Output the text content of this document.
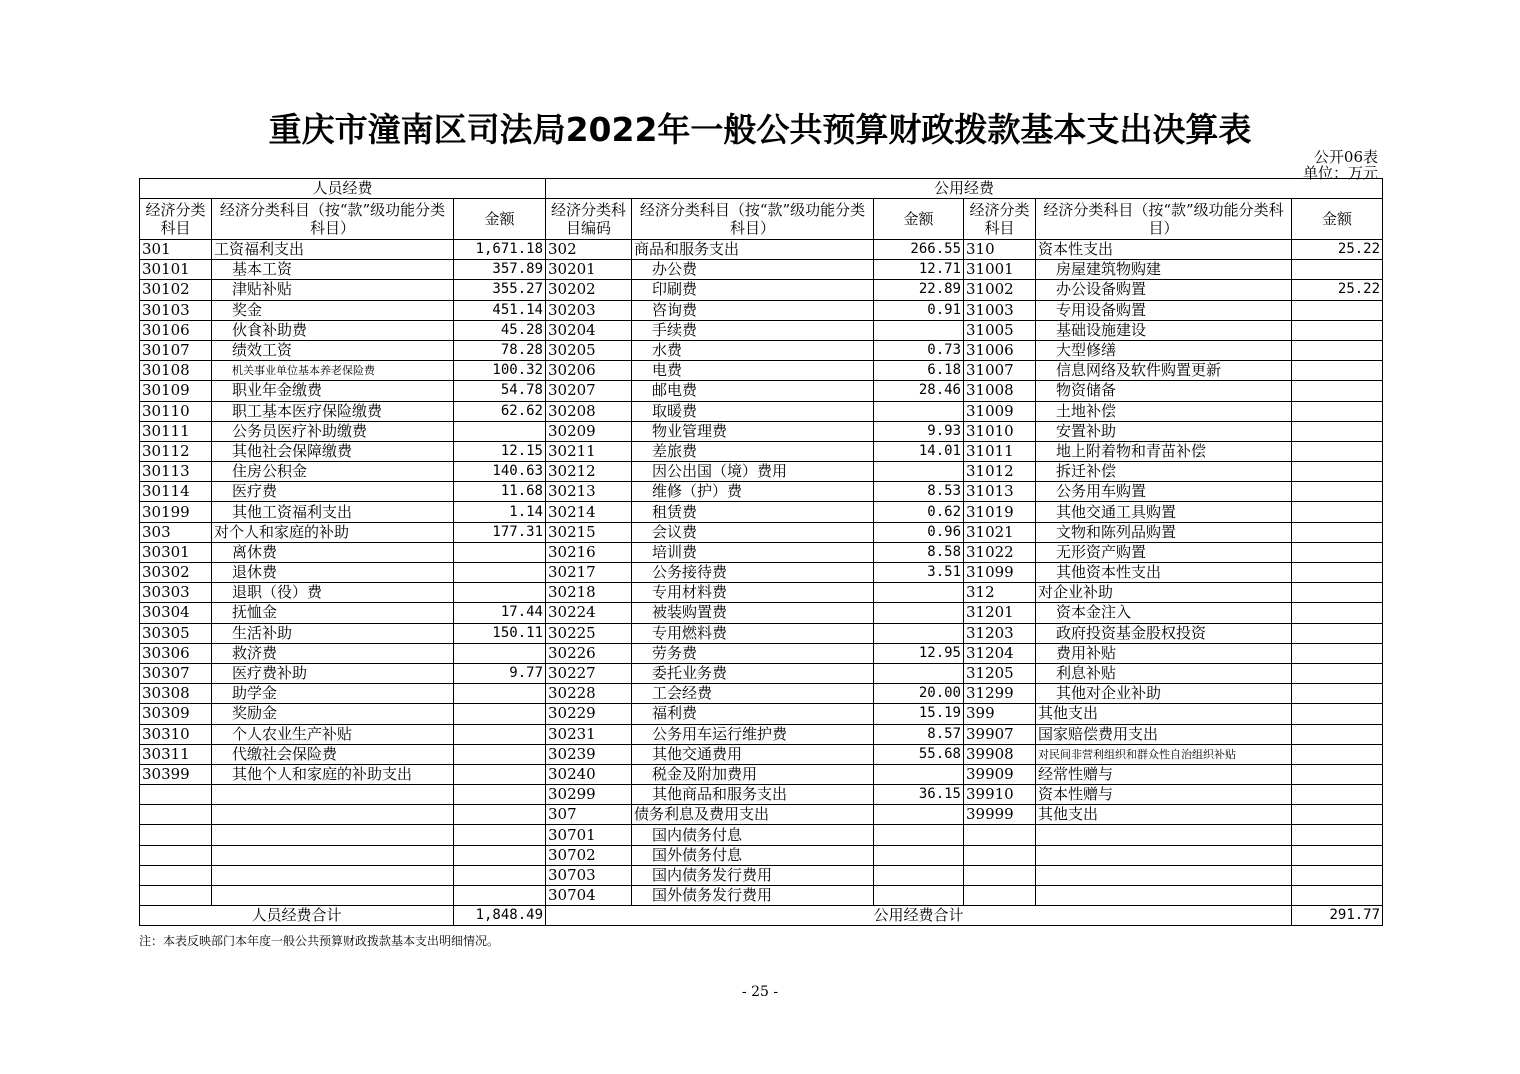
重庆市潼南区司法局2022年一般公共预算财政拨款基本支出决算表
公开06表
单位：万元
人员经费			公用经费					
经济分类科目	经济分类科目（按“款”级功能分类科目）	金额	经济分类科目编码	经济分类科目（按“款”级功能分类科目）	金额	经济分类科目	经济分类科目（按“款”级功能分类科目）	金额
301	工资福利支出	1,671.18	302	商品和服务支出	266.55	310	资本性支出	25.22
30101	基本工资	357.89	30201	办公费	12.71	31001	房屋建筑物购建	
30102	津贴补贴	355.27	30202	印刷费	22.89	31002	办公设备购置	25.22
30103	奖金	451.14	30203	咨询费	0.91	31003	专用设备购置	
30106	伙食补助费	45.28	30204	手续费		31005	基础设施建设	
30107	绩效工资	78.28	30205	水费	0.73	31006	大型修缮	
30108	机关事业单位基本养老保险费	100.32	30206	电费	6.18	31007	信息网络及软件购置更新	
30109	职业年金缴费	54.78	30207	邮电费	28.46	31008	物资储备	
30110	职工基本医疗保险缴费	62.62	30208	取暖费		31009	土地补偿	
30111	公务员医疗补助缴费		30209	物业管理费	9.93	31010	安置补助	
30112	其他社会保障缴费	12.15	30211	差旅费	14.01	31011	地上附着物和青苗补偿	
30113	住房公积金	140.63	30212	因公出国（境）费用		31012	拆迁补偿	
30114	医疗费	11.68	30213	维修（护）费	8.53	31013	公务用车购置	
30199	其他工资福利支出	1.14	30214	租赁费	0.62	31019	其他交通工具购置	
303	对个人和家庭的补助	177.31	30215	会议费	0.96	31021	文物和陈列品购置	
30301	离休费		30216	培训费	8.58	31022	无形资产购置	
30302	退休费		30217	公务接待费	3.51	31099	其他资本性支出	
30303	退职（役）费		30218	专用材料费		312	对企业补助	
30304	抚恤金	17.44	30224	被装购置费		31201	资本金注入	
30305	生活补助	150.11	30225	专用燃料费		31203	政府投资基金股权投资	
30306	救济费		30226	劳务费	12.95	31204	费用补贴	
30307	医疗费补助	9.77	30227	委托业务费		31205	利息补贴	
30308	助学金		30228	工会经费	20.00	31299	其他对企业补助	
30309	奖励金		30229	福利费	15.19	399	其他支出	
30310	个人农业生产补贴		30231	公务用车运行维护费	8.57	39907	国家赔偿费用支出	
30311	代缴社会保险费		30239	其他交通费用	55.68	39908	对民间非营利组织和群众性自治组织补贴	
30399	其他个人和家庭的补助支出		30240	税金及附加费用		39909	经常性赠与	
			30299	其他商品和服务支出	36.15	39910	资本性赠与	
			307	债务利息及费用支出		39999	其他支出	
			30701	国内债务付息				
			30702	国外债务付息				
			30703	国内债务发行费用				
			30704	国外债务发行费用				
人员经费合计		1,848.49	公用经费合计					291.77
注：本表反映部门本年度一般公共预算财政拨款基本支出明细情况。
- 25 -
